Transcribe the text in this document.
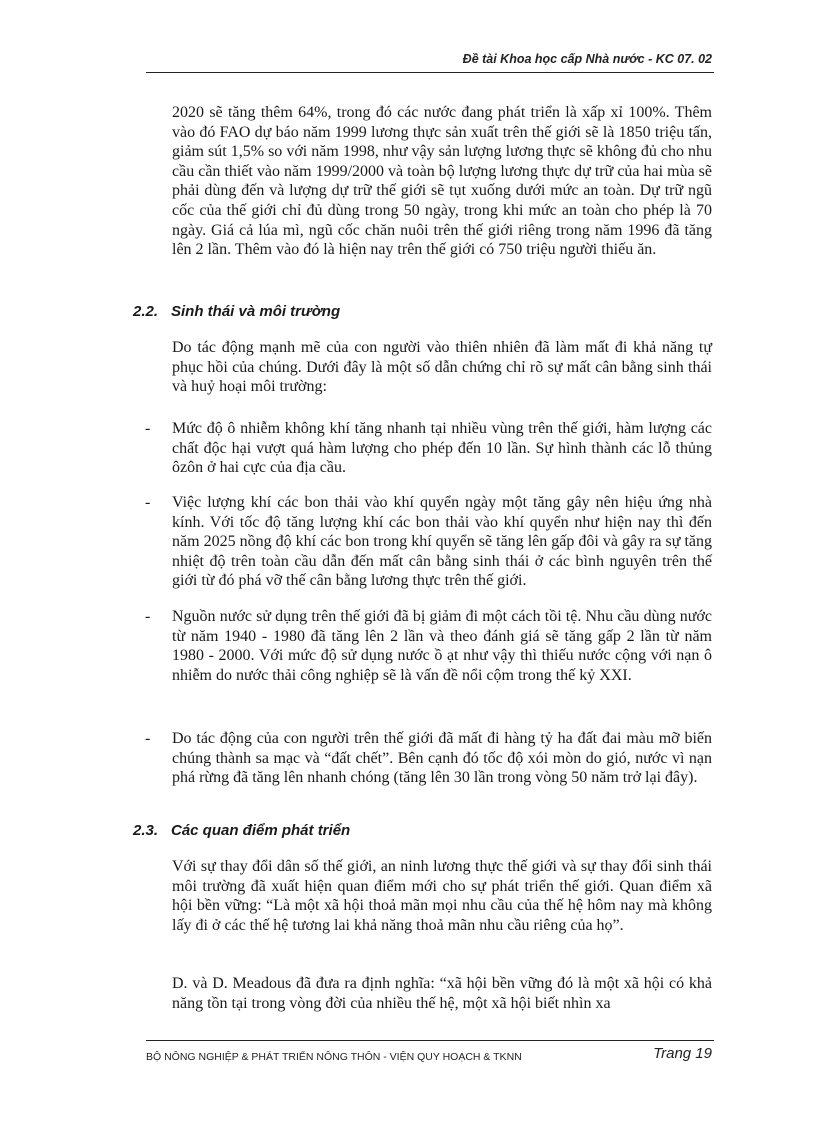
Đề tài Khoa học cấp Nhà nước - KC 07. 02

2020 sẽ tăng thêm 64%, trong đó các nước đang phát triển là xấp xỉ 100%. Thêm vào đó FAO dự báo năm 1999 lương thực sản xuất trên thế giới sẽ là 1850 triệu tấn, giảm sút 1,5% so với năm 1998, như vậy sản lượng lương thực sẽ không đủ cho nhu cầu cần thiết vào năm 1999/2000 và toàn bộ lượng lương thực dự trữ của hai mùa sẽ phải dùng đến và lượng dự trữ thế giới sẽ tụt xuống dưới mức an toàn. Dự trữ ngũ cốc của thế giới chỉ đủ dùng trong 50 ngày, trong khi mức an toàn cho phép là 70 ngày. Giá cả lúa mì, ngũ cốc chăn nuôi trên thế giới riêng trong năm 1996 đã tăng lên 2 lần. Thêm vào đó là hiện nay trên thế giới có 750 triệu người thiếu ăn.

2.2. Sinh thái và môi trường

Do tác động mạnh mẽ của con người vào thiên nhiên đã làm mất đi khả năng tự phục hồi của chúng. Dưới đây là một số dẫn chứng chỉ rõ sự mất cân bằng sinh thái và huỷ hoại môi trường:

- Mức độ ô nhiễm không khí tăng nhanh tại nhiều vùng trên thế giới, hàm lượng các chất độc hại vượt quá hàm lượng cho phép đến 10 lần. Sự hình thành các lỗ thủng ôzôn ở hai cực của địa cầu.

- Việc lượng khí các bon thải vào khí quyển ngày một tăng gây nên hiệu ứng nhà kính. Với tốc độ tăng lượng khí các bon thải vào khí quyển như hiện nay thì đến năm 2025 nồng độ khí các bon trong khí quyển sẽ tăng lên gấp đôi và gây ra sự tăng nhiệt độ trên toàn cầu dẫn đến mất cân bằng sinh thái ở các bình nguyên trên thế giới từ đó phá vỡ thế cân bằng lương thực trên thế giới.

- Nguồn nước sử dụng trên thế giới đã bị giảm đi một cách tồi tệ. Nhu cầu dùng nước từ năm 1940 - 1980 đã tăng lên 2 lần và theo đánh giá sẽ tăng gấp 2 lần từ năm 1980 - 2000. Với mức độ sử dụng nước ồ ạt như vậy thì thiếu nước cộng với nạn ô nhiễm do nước thải công nghiệp sẽ là vấn đề nổi cộm trong thế kỷ XXI.

- Do tác động của con người trên thế giới đã mất đi hàng tỷ ha đất đai màu mỡ biến chúng thành sa mạc và “đất chết”. Bên cạnh đó tốc độ xói mòn do gió, nước vì nạn phá rừng đã tăng lên nhanh chóng (tăng lên 30 lần trong vòng 50 năm trở lại đây).

2.3. Các quan điểm phát triển

Với sự thay đổi dân số thế giới, an ninh lương thực thế giới và sự thay đổi sinh thái môi trường đã xuất hiện quan điểm mới cho sự phát triển thế giới. Quan điểm xã hội bền vững: “Là một xã hội thoả mãn mọi nhu cầu của thế hệ hôm nay mà không lấy đi ở các thế hệ tương lai khả năng thoả mãn nhu cầu riêng của họ”.

D. và D. Meadous đã đưa ra định nghĩa: “xã hội bền vững đó là một xã hội có khả năng tồn tại trong vòng đời của nhiều thế hệ, một xã hội biết nhìn xa

BỘ NÔNG NGHIỆP & PHÁT TRIỂN NÔNG THÔN - VIỆN QUY HOẠCH & TKNN	Trang 19
